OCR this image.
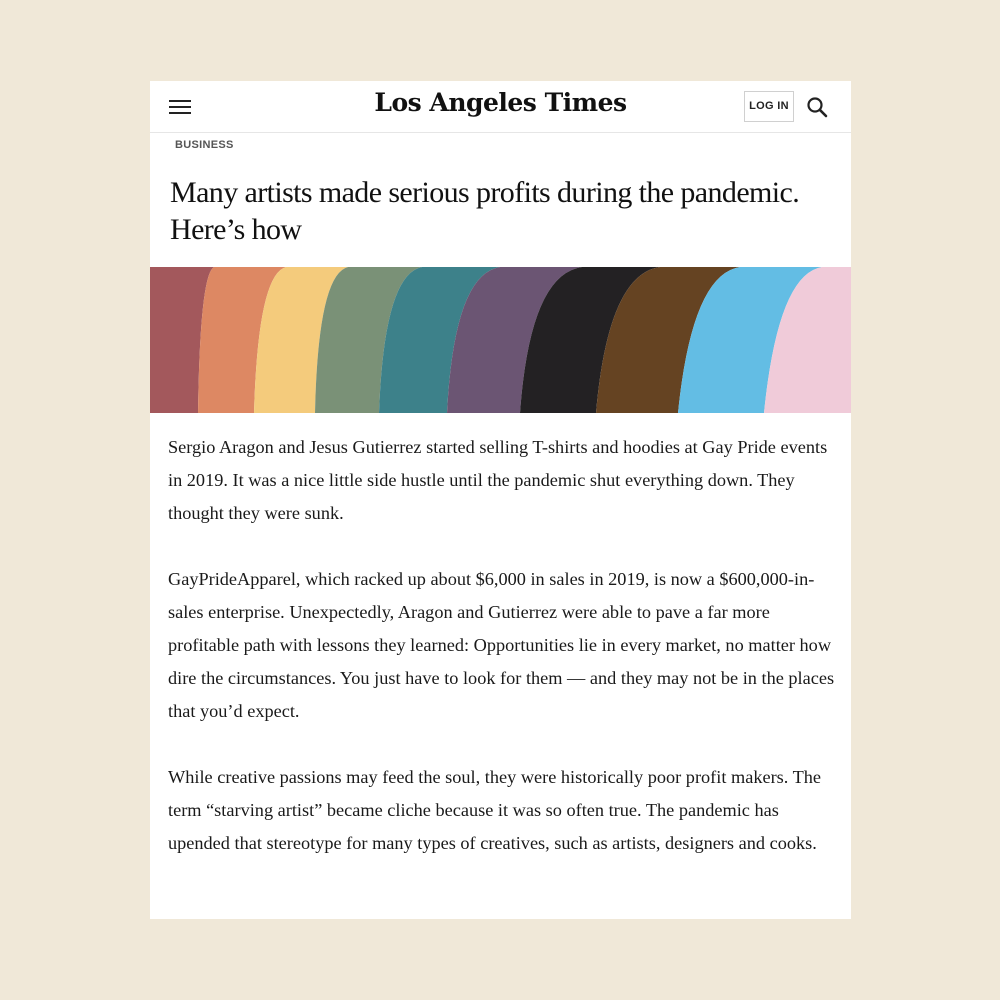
Los Angeles Times	LOG IN
BUSINESS
Many artists made serious profits during the pandemic. Here’s how

Sergio Aragon and Jesus Gutierrez started selling T-shirts and hoodies at Gay Pride events in 2019. It was a nice little side hustle until the pandemic shut everything down. They thought they were sunk.

GayPrideApparel, which racked up about $6,000 in sales in 2019, is now a $600,000-in-sales enterprise. Unexpectedly, Aragon and Gutierrez were able to pave a far more profitable path with lessons they learned: Opportunities lie in every market, no matter how dire the circumstances. You just have to look for them — and they may not be in the places that you’d expect.

While creative passions may feed the soul, they were historically poor profit makers. The term “starving artist” became cliche because it was so often true. The pandemic has upended that stereotype for many types of creatives, such as artists, designers and cooks.
